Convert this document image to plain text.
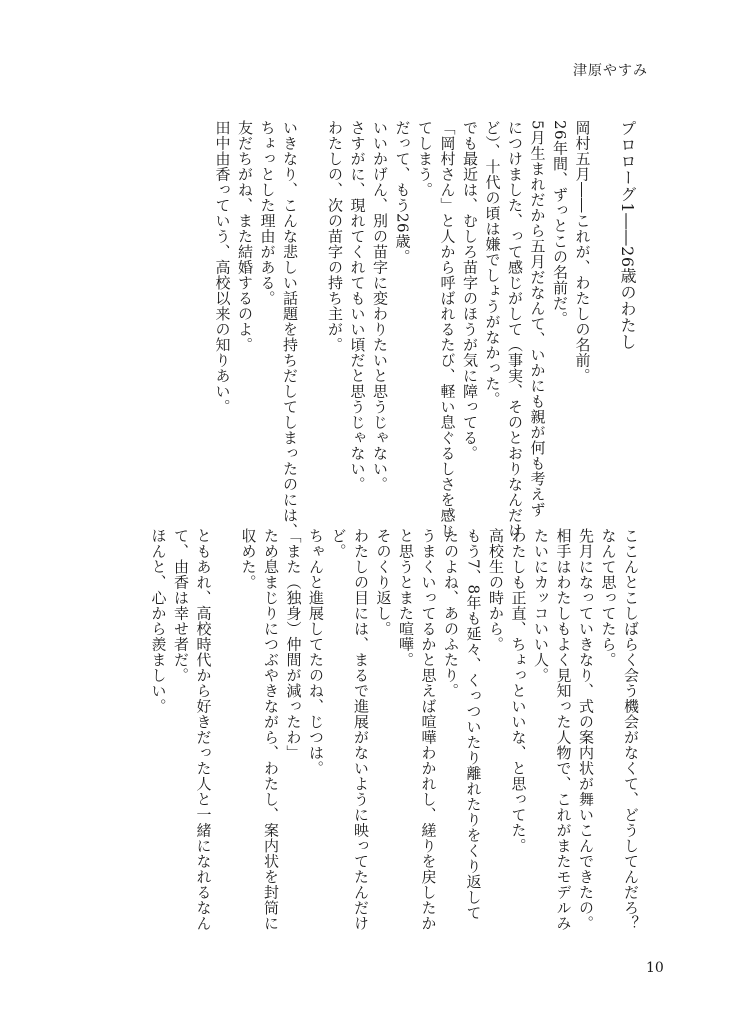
津原やすみ
プロローグ1――26歳のわたし
岡村五月――これが、わたしの名前。
26年間、ずっとこの名前だ。
5月生まれだから五月だなんて、いかにも親が何も考えず
につけました、って感じがして（事実、そのとおりなんだけ
ど）、十代の頃は嫌でしょうがなかった。
でも最近は、むしろ苗字のほうが気に障ってる。
「岡村さん」と人から呼ばれるたび、軽い息ぐるしさを感じ
てしまう。
だって、もう26歳。
いいかげん、別の苗字に変わりたいと思うじゃない。
さすがに、現れてくれてもいい頃だと思うじゃない。
わたしの、次の苗字の持ち主が。
いきなり、こんな悲しい話題を持ちだしてしまったのには、
ちょっとした理由がある。
友だちがね、また結婚するのよ。
田中由香っていう、高校以来の知りあい。
ここんとこしばらく会う機会がなくて、どうしてんだろ？
なんて思ってたら。
先月になっていきなり、式の案内状が舞いこんできたの。
相手はわたしもよく見知った人物で、これがまたモデルみ
たいにカッコいい人。
わたしも正直、ちょっといいな、と思ってた。
高校生の時から。
もう7、8年も延々、くっついたり離れたりをくり返して
たのよね、あのふたり。
うまくいってるかと思えば喧嘩わかれし、縒りを戻したか
と思うとまた喧嘩。
そのくり返し。
わたしの目には、まるで進展がないように映ってたんだけ
ど。
ちゃんと進展してたのね、じつは。
「また（独身）仲間が減ったわ」
ため息まじりにつぶやきながら、わたし、案内状を封筒に
収めた。
ともあれ、高校時代から好きだった人と一緒になれるなん
て、由香は幸せ者だ。
ほんと、心から羨ましい。
10
